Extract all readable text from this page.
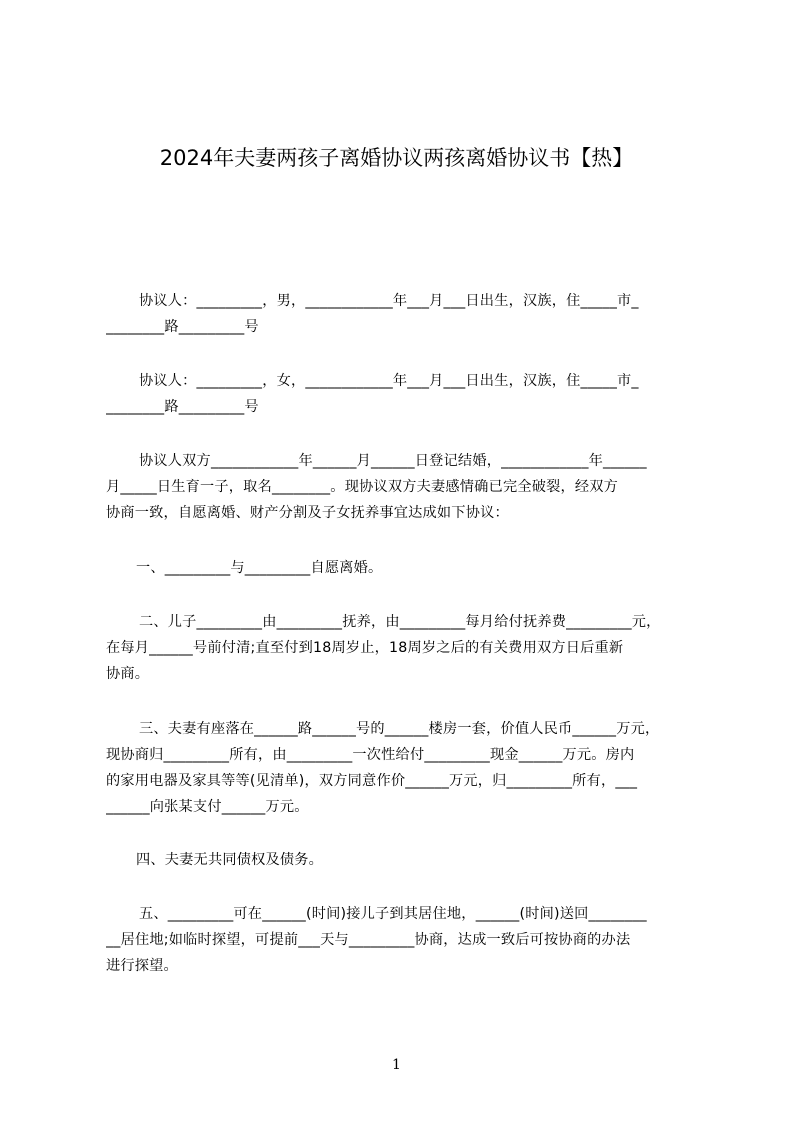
2024年夫妻两孩子离婚协议两孩离婚协议书【热】
协议人：_________，男，____________年___月___日出生，汉族，住_____市_
________路_________号
协议人：_________，女，____________年___月___日出生，汉族，住_____市_
________路_________号
协议人双方____________年______月______日登记结婚，____________年______
月_____日生育一子，取名________。现协议双方夫妻感情确已完全破裂，经双方
协商一致，自愿离婚、财产分割及子女抚养事宜达成如下协议：
一、_________与_________自愿离婚。
二、儿子_________由_________抚养，由_________每月给付抚养费_________元，
在每月______号前付清;直至付到18周岁止，18周岁之后的有关费用双方日后重新
协商。
三、夫妻有座落在______路______号的______楼房一套，价值人民币______万元，
现协商归_________所有，由_________一次性给付_________现金______万元。房内
的家用电器及家具等等(见清单)，双方同意作价______万元，归_________所有，___
______向张某支付______万元。
四、夫妻无共同债权及债务。
五、_________可在______(时间)接儿子到其居住地，______(时间)送回________
__居住地;如临时探望，可提前___天与_________协商，达成一致后可按协商的办法
进行探望。
1
